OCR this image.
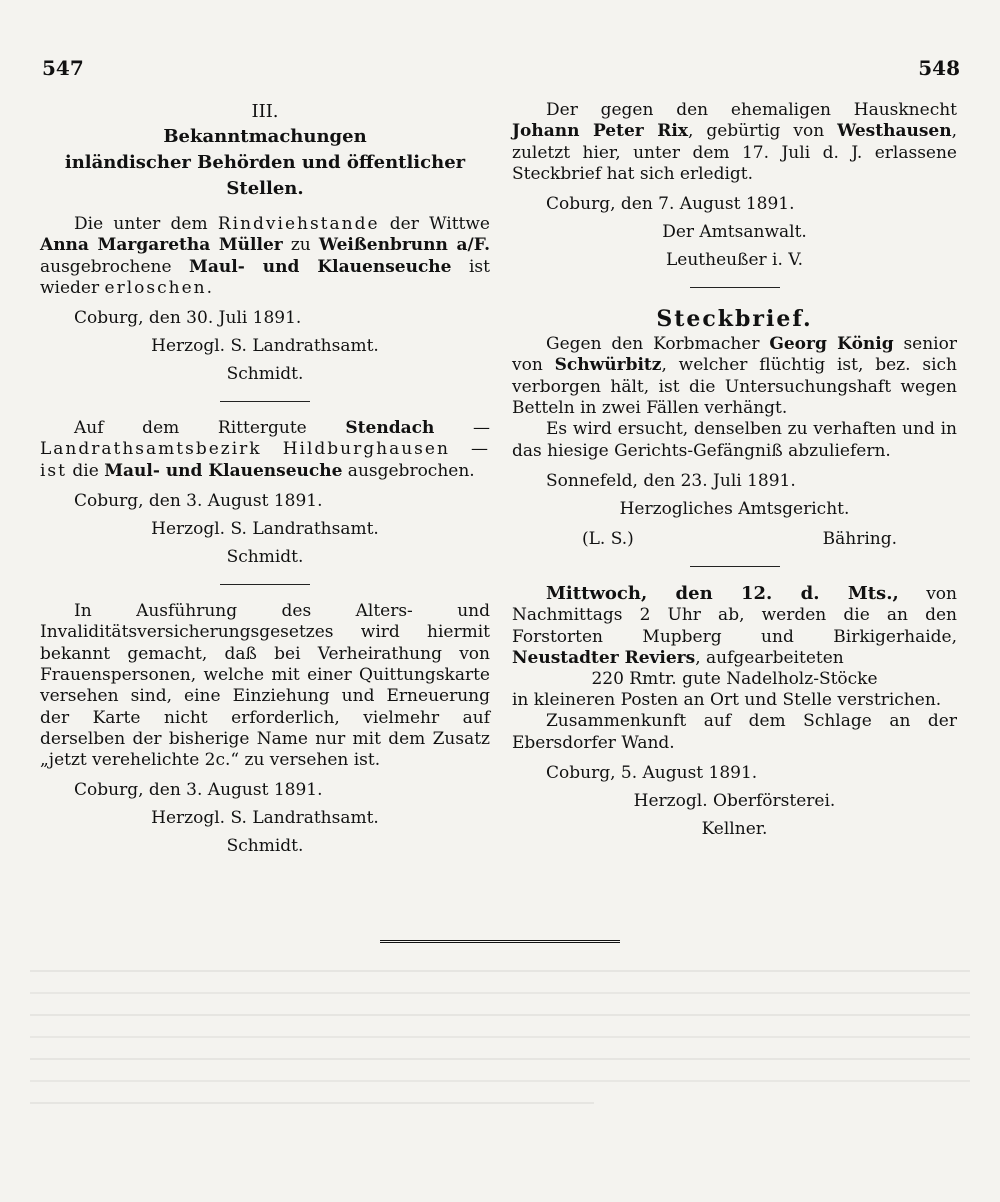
547	548
III.
Bekanntmachungen
inländischer Behörden und öffentlicher Stellen.

Die unter dem Rindviehstande der Wittwe Anna Margaretha Müller zu Weißenbrunn a/F. ausgebrochene Maul- und Klauenseuche ist wieder erloschen.

Coburg, den 30. Juli 1891.
Herzogl. S. Landrathsamt.
Schmidt.

Auf dem Rittergute Stendach — Landrathsamtsbezirk Hildburghausen — ist die Maul- und Klauenseuche ausgebrochen.

Coburg, den 3. August 1891.
Herzogl. S. Landrathsamt.
Schmidt.

In Ausführung des Alters- und Invaliditätsversicherungsgesetzes wird hiermit bekannt gemacht, daß bei Verheirathung von Frauenspersonen, welche mit einer Quittungskarte versehen sind, eine Einziehung und Erneuerung der Karte nicht erforderlich, vielmehr auf derselben der bisherige Name nur mit dem Zusatz „jetzt verehelichte 2c.“ zu versehen ist.

Coburg, den 3. August 1891.
Herzogl. S. Landrathsamt.
Schmidt.

Der gegen den ehemaligen Hausknecht Johann Peter Rix, gebürtig von Westhausen, zuletzt hier, unter dem 17. Juli d. J. erlassene Steckbrief hat sich erledigt.

Coburg, den 7. August 1891.
Der Amtsanwalt.
Leutheußer i. V.
Steckbrief.

Gegen den Korbmacher Georg König senior von Schwürbitz, welcher flüchtig ist, bez. sich verborgen hält, ist die Untersuchungshaft wegen Betteln in zwei Fällen verhängt.

Es wird ersucht, denselben zu verhaften und in das hiesige Gerichts-Gefängniß abzuliefern.

Sonnefeld, den 23. Juli 1891.
Herzogliches Amtsgericht.
(L. S.)	Bähring.

Mittwoch, den 12. d. Mts., von Nachmittags 2 Uhr ab, werden die an den Forstorten Mupberg und Birkigerhaide, Neustadter Reviers, aufgearbeiteten

220 Rmtr. gute Nadelholz-Stöcke

in kleineren Posten an Ort und Stelle verstrichen.

Zusammenkunft auf dem Schlage an der Ebersdorfer Wand.

Coburg, 5. August 1891.
Herzogl. Oberförsterei.
Kellner.
